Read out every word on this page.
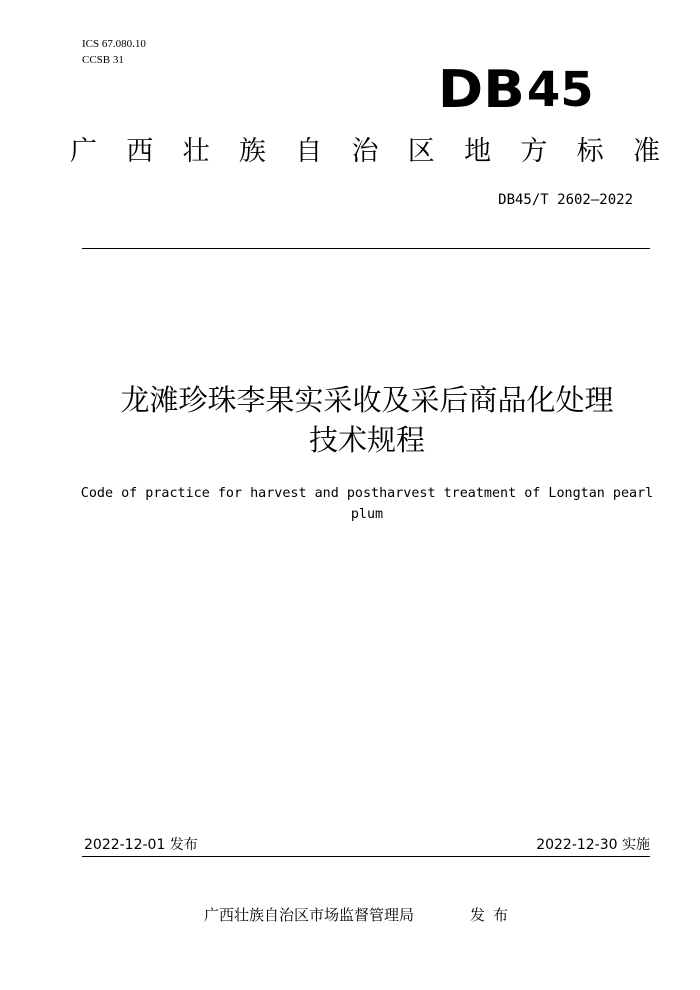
ICS 67.080.10
CCSB 31	DB 45
广 西 壮 族 自 治 区 地 方 标 准
DB45/T 2602—2022
龙滩珍珠李果实采收及采后商品化处理
技术规程
Code of practice for harvest and postharvest treatment of Longtan pearl plum
2022-12-01 发布	2022-12-30 实施
广西壮族自治区市场监督管理局	发布
